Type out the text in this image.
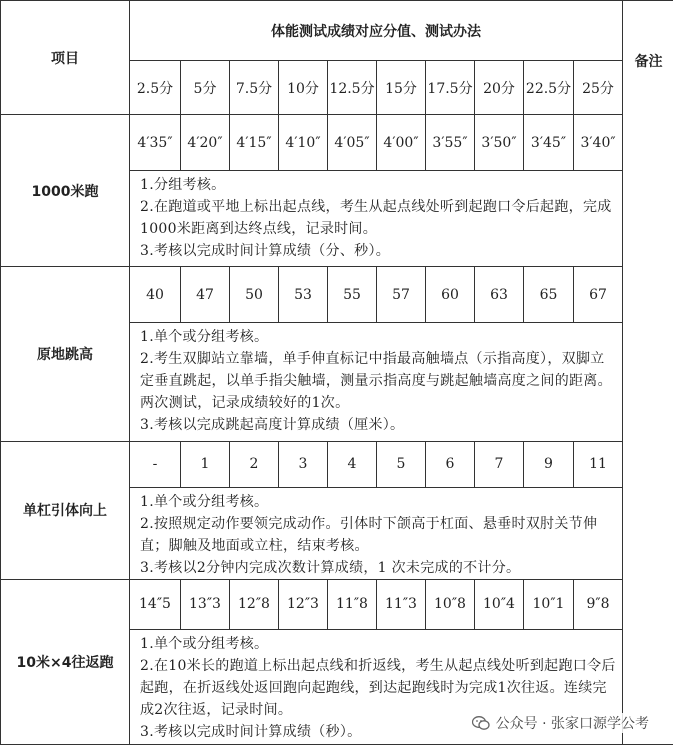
项目	体能测试成绩对应分值、测试办法										备注
	2.5分	5分	7.5分	10分	12.5分	15分	17.5分	20分	22.5分	25分	
1000米跑	4′35″	4′20″	4′15″	4′10″	4′05″	4′00″	3′55″	3′50″	3′45″	3′40″	

	1.分组考核。

2.在跑道或平地上标出起点线，考生从起点线处听到起跑口令后起跑，完成1000米距离到达终点线，记录时间。

3.考核以完成时间计算成绩（分、秒）。										

原地跳高	40	47	50	53	55	57	60	63	65	67	

	1.单个或分组考核。

2.考生双脚站立靠墙，单手伸直标记中指最高触墙点（示指高度），双脚立定垂直跳起，以单手指尖触墙，测量示指高度与跳起触墙高度之间的距离。两次测试，记录成绩较好的1次。

3.考核以完成跳起高度计算成绩（厘米）。										

单杠引体向上	-	1	2	3	4	5	6	7	9	11	

	1.单个或分组考核。

2.按照规定动作要领完成动作。引体时下颌高于杠面、悬垂时双肘关节伸直；脚触及地面或立柱，结束考核。

3.考核以2分钟内完成次数计算成绩，1 次未完成的不计分。										

10米×4往返跑	14″5	13″3	12″8	12″3	11″8	11″3	10″8	10″4	10″1	9″8	

	1.单个或分组考核。

2.在10米长的跑道上标出起点线和折返线，考生从起点线处听到起跑口令后起跑，在折返线处返回跑向起跑线，到达起跑线时为完成1次往返。连续完成2次往返，记录时间。

3.考核以完成时间计算成绩（秒）。											公众号 · 张家口源学公考
